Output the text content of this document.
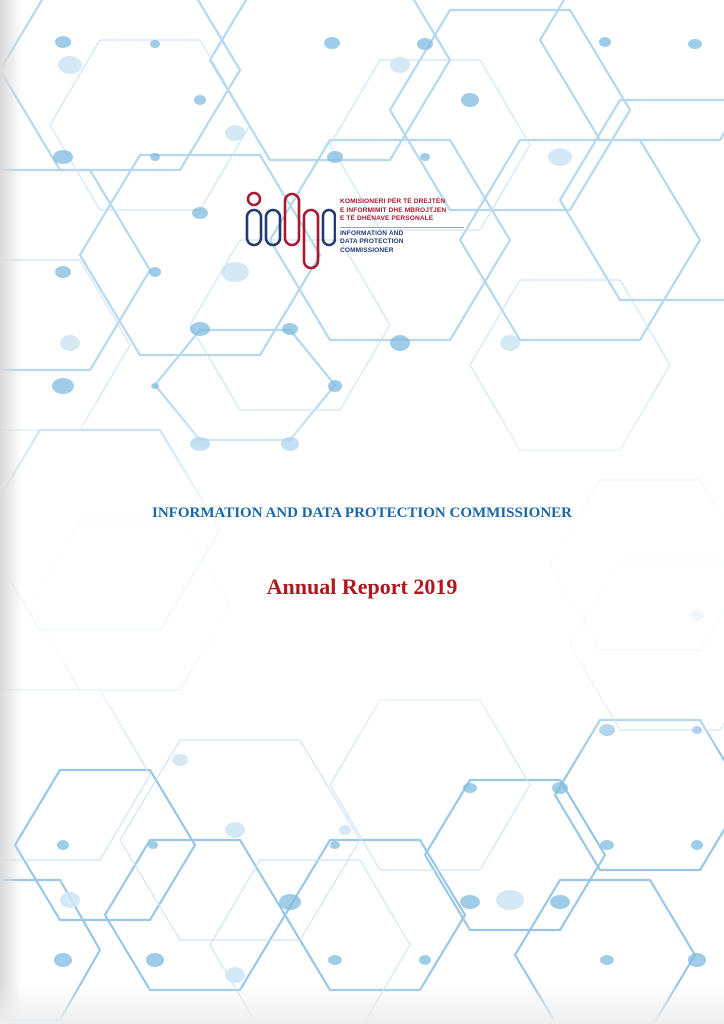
KOMISIONERI PËR TË DREJTËN
E INFORMIMIT DHE MBROJTJEN
E TË DHËNAVE PERSONALE
INFORMATION AND
DATA PROTECTION
COMMISSIONER
INFORMATION AND DATA PROTECTION COMMISSIONER
Annual Report 2019
